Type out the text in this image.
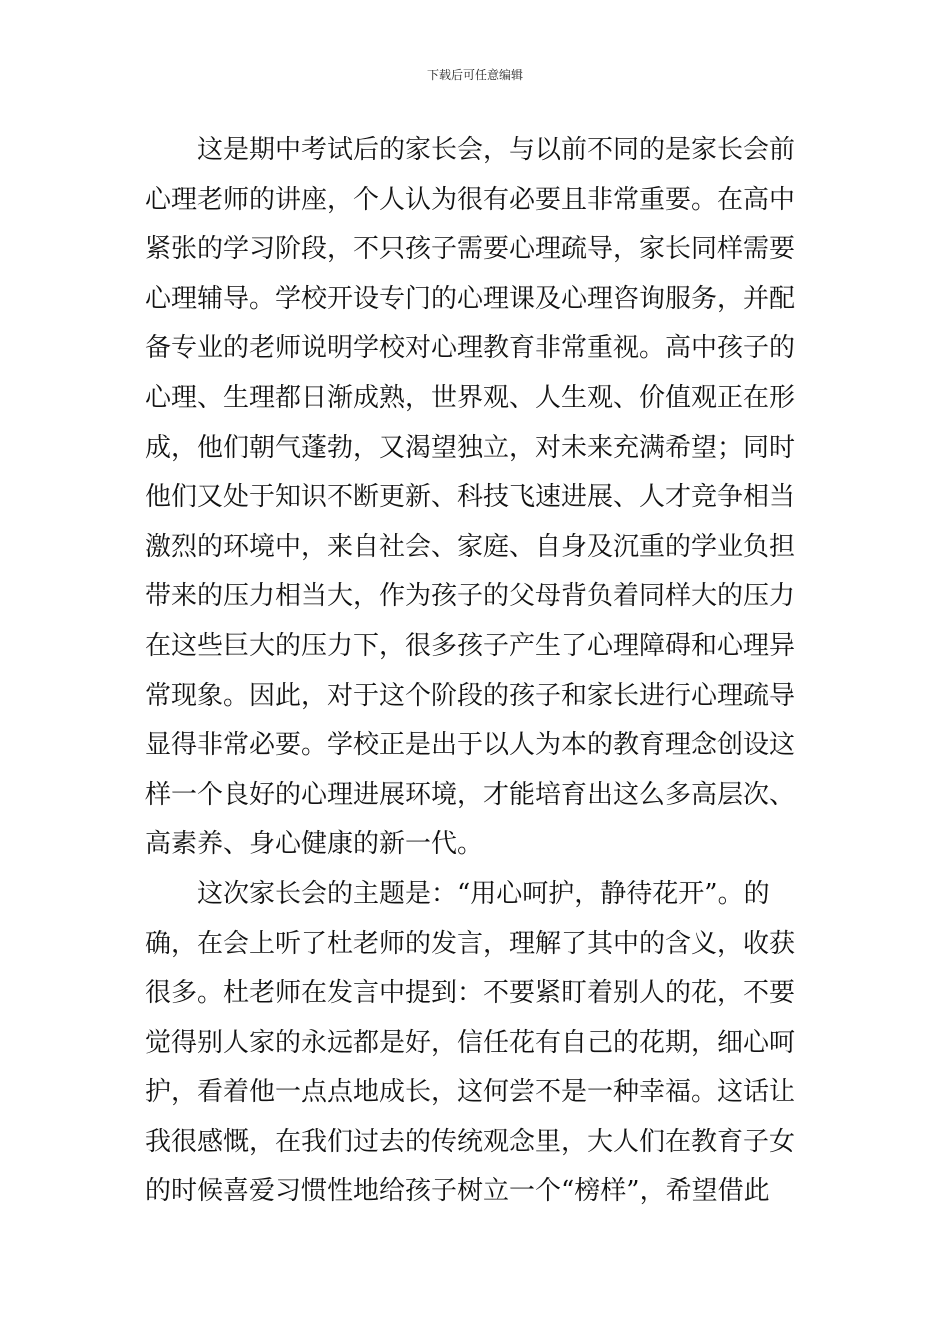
下载后可任意编辑
这是期中考试后的家长会，与以前不同的是家长会前
心理老师的讲座，个人认为很有必要且非常重要。在高中
紧张的学习阶段，不只孩子需要心理疏导，家长同样需要
心理辅导。学校开设专门的心理课及心理咨询服务，并配
备专业的老师说明学校对心理教育非常重视。高中孩子的
心理、生理都日渐成熟，世界观、人生观、价值观正在形
成，他们朝气蓬勃，又渴望独立，对未来充满希望；同时
他们又处于知识不断更新、科技飞速进展、人才竞争相当
激烈的环境中，来自社会、家庭、自身及沉重的学业负担
带来的压力相当大，作为孩子的父母背负着同样大的压力
在这些巨大的压力下，很多孩子产生了心理障碍和心理异
常现象。因此，对于这个阶段的孩子和家长进行心理疏导
显得非常必要。学校正是出于以人为本的教育理念创设这
样一个良好的心理进展环境，才能培育出这么多高层次、
高素养、身心健康的新一代。
这次家长会的主题是：“用心呵护，静待花开”。的
确，在会上听了杜老师的发言，理解了其中的含义，收获
很多。杜老师在发言中提到：不要紧盯着别人的花，不要
觉得别人家的永远都是好，信任花有自己的花期，细心呵
护，看着他一点点地成长，这何尝不是一种幸福。这话让
我很感慨，在我们过去的传统观念里，大人们在教育子女
的时候喜爱习惯性地给孩子树立一个“榜样”，希望借此
